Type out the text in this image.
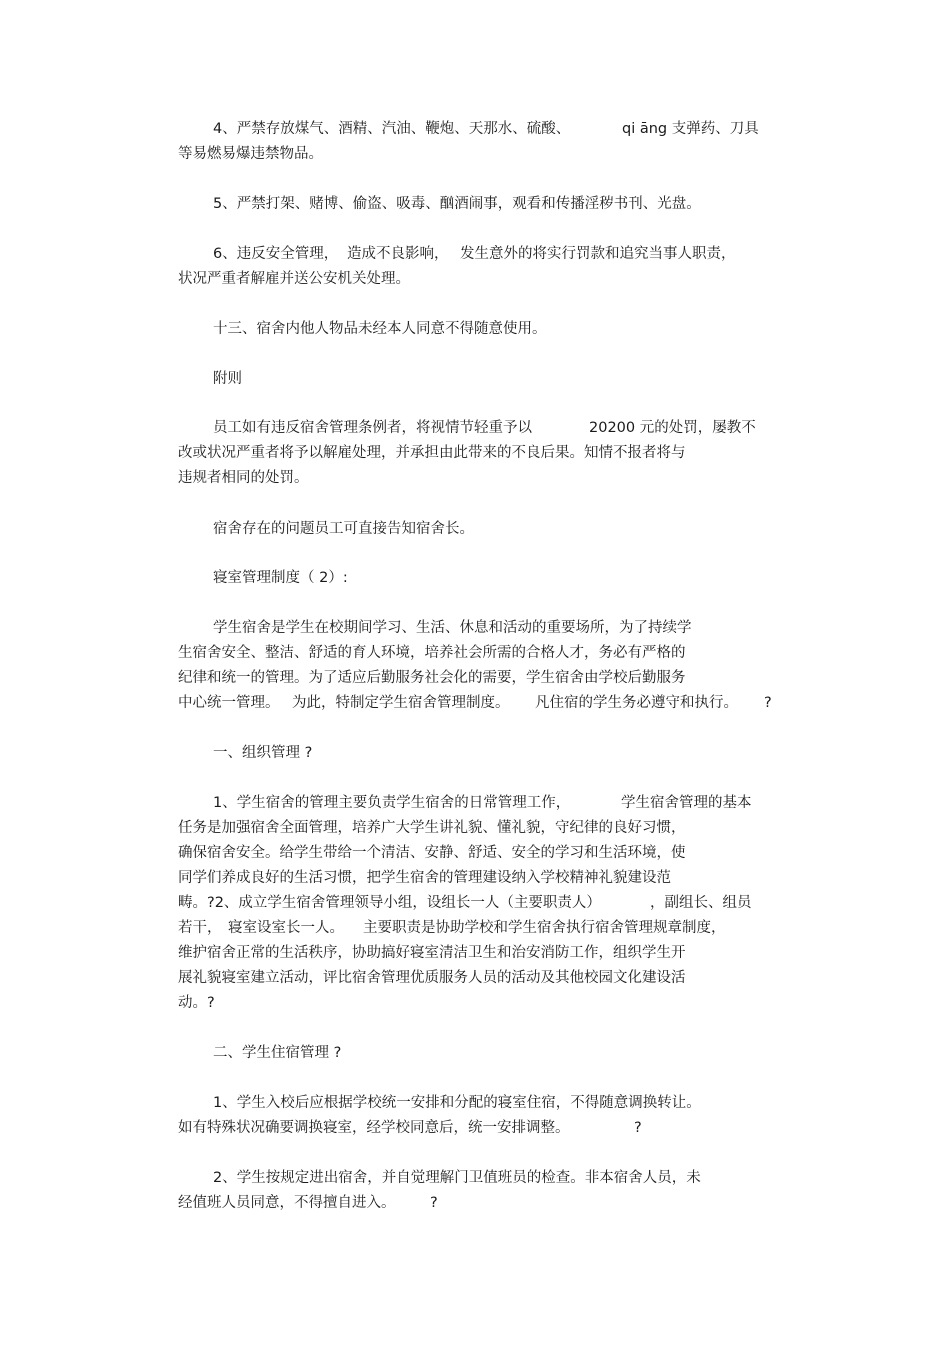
4、严禁存放煤气、酒精、汽油、鞭炮、天那水、硫酸、

	qi āng 支弹药、刀具

等易燃易爆违禁物品。
5、严禁打架、赌博、偷盗、吸毒、酗酒闹事，观看和传播淫秽书刊、光盘。

6、违反安全管理，

造成不良影响，

发生意外的将实行罚款和追究当事人职责，

状况严重者解雇并送公安机关处理。
十三、宿舍内他人物品未经本人同意不得随意使用。
附则

员工如有违反宿舍管理条例者，将视情节轻重予以

	20200 元的处罚，屡教不

改或状况严重者将予以解雇处理，并承担由此带来的不良后果。知情不报者将与
违规者相同的处罚。
宿舍存在的问题员工可直接告知宿舍长。
寝室管理制度（ 2）:
学生宿舍是学生在校期间学习、生活、休息和活动的重要场所，为了持续学
生宿舍安全、整洁、舒适的育人环境，培养社会所需的合格人才，务必有严格的
纪律和统一的管理。为了适应后勤服务社会化的需要，学生宿舍由学校后勤服务

中心统一管理。

为此，特制定学生宿舍管理制度。

凡住宿的学生务必遵守和执行。

?

一、组织管理 ?

1、学生宿舍的管理主要负责学生宿舍的日常管理工作，

	学生宿舍管理的基本

任务是加强宿舍全面管理，培养广大学生讲礼貌、懂礼貌，守纪律的良好习惯，
确保宿舍安全。给学生带给一个清洁、安静、舒适、安全的学习和生活环境，使
同学们养成良好的生活习惯，把学生宿舍的管理建设纳入学校精神礼貌建设范

畴。?2、成立学生宿舍管理领导小组，设组长一人（主要职责人）

	，副组长、组员

若干，

寝室设室长一人。

主要职责是协助学校和学生宿舍执行宿舍管理规章制度，

维护宿舍正常的生活秩序，协助搞好寝室清洁卫生和治安消防工作，组织学生开
展礼貌寝室建立活动，评比宿舍管理优质服务人员的活动及其他校园文化建设活
动。?
二、学生住宿管理 ?
1、学生入校后应根据学校统一安排和分配的寝室住宿，不得随意调换转让。

如有特殊状况确要调换寝室，经学校同意后，统一安排调整。

	?

2、学生按规定进出宿舍，并自觉理解门卫值班员的检查。非本宿舍人员，未

经值班人员同意，不得擅自进入。

?
